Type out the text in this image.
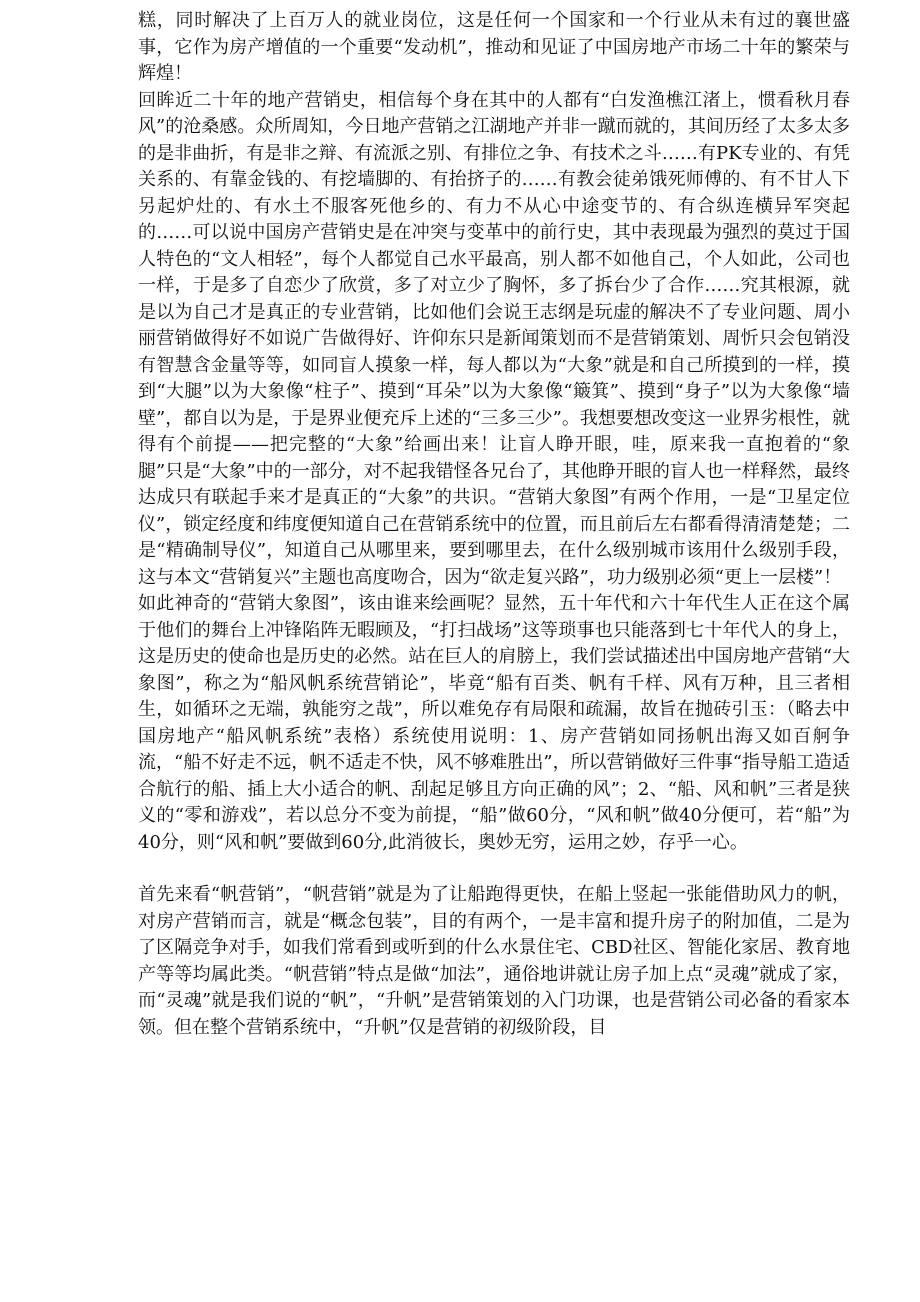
糕，同时解决了上百万人的就业岗位，这是任何一个国家和一个行业从未有过的襄世盛事，它作为房产增值的一个重要“发动机”，推动和见证了中国房地产市场二十年的繁荣与辉煌！

回眸近二十年的地产营销史，相信每个身在其中的人都有“白发渔樵江渚上，惯看秋月春风”的沧桑感。众所周知，今日地产营销之江湖地产并非一蹴而就的，其间历经了太多太多的是非曲折，有是非之辩、有流派之别、有排位之争、有技术之斗……有PK专业的、有凭关系的、有靠金钱的、有挖墙脚的、有抬挤子的……有教会徒弟饿死师傅的、有不甘人下另起炉灶的、有水土不服客死他乡的、有力不从心中途变节的、有合纵连横异军突起的……可以说中国房产营销史是在冲突与变革中的前行史，其中表现最为强烈的莫过于国人特色的“文人相轻”，每个人都觉自己水平最高，别人都不如他自己，个人如此，公司也一样，于是多了自恋少了欣赏，多了对立少了胸怀，多了拆台少了合作……究其根源，就是以为自己才是真正的专业营销，比如他们会说王志纲是玩虚的解决不了专业问题、周小丽营销做得好不如说广告做得好、许仰东只是新闻策划而不是营销策划、周忻只会包销没有智慧含金量等等，如同盲人摸象一样，每人都以为“大象”就是和自己所摸到的一样，摸到“大腿”以为大象像“柱子”、摸到“耳朵”以为大象像“簸箕”、摸到“身子”以为大象像“墙壁”，都自以为是，于是界业便充斥上述的“三多三少”。我想要想改变这一业界劣根性，就得有个前提——把完整的“大象”给画出来！让盲人睁开眼，哇，原来我一直抱着的“象腿”只是“大象”中的一部分，对不起我错怪各兄台了，其他睁开眼的盲人也一样释然，最终达成只有联起手来才是真正的“大象”的共识。“营销大象图”有两个作用，一是“卫星定位仪”，锁定经度和纬度便知道自己在营销系统中的位置，而且前后左右都看得清清楚楚；二是“精确制导仪”，知道自己从哪里来，要到哪里去，在什么级别城市该用什么级别手段，这与本文“营销复兴”主题也高度吻合，因为“欲走复兴路”，功力级别必须“更上一层楼”！

如此神奇的“营销大象图”，该由谁来绘画呢？显然，五十年代和六十年代生人正在这个属于他们的舞台上冲锋陷阵无暇顾及，“打扫战场”这等琐事也只能落到七十年代人的身上，这是历史的使命也是历史的必然。站在巨人的肩膀上，我们尝试描述出中国房地产营销“大象图”，称之为“船风帆系统营销论”，毕竟“船有百类、帆有千样、风有万种，且三者相生，如循环之无端，孰能穷之哉”，所以难免存有局限和疏漏，故旨在抛砖引玉：（略去中国房地产“船风帆系统”表格）系统使用说明：1、房产营销如同扬帆出海又如百舸争流，“船不好走不远，帆不适走不快，风不够难胜出”，所以营销做好三件事“指导船工造适合航行的船、插上大小适合的帆、刮起足够且方向正确的风”；2、“船、风和帆”三者是狭义的“零和游戏”，若以总分不变为前提，“船”做60分，“风和帆”做40分便可，若“船”为40分，则“风和帆”要做到60分,此消彼长，奥妙无穷，运用之妙，存乎一心。

首先来看“帆营销”，“帆营销”就是为了让船跑得更快，在船上竖起一张能借助风力的帆，对房产营销而言，就是“概念包装”，目的有两个，一是丰富和提升房子的附加值，二是为了区隔竞争对手，如我们常看到或听到的什么水景住宅、CBD社区、智能化家居、教育地产等等均属此类。“帆营销”特点是做“加法”，通俗地讲就让房子加上点“灵魂”就成了家，而“灵魂”就是我们说的“帆”，“升帆”是营销策划的入门功课，也是营销公司必备的看家本领。但在整个营销系统中，“升帆”仅是营销的初级阶段，目
